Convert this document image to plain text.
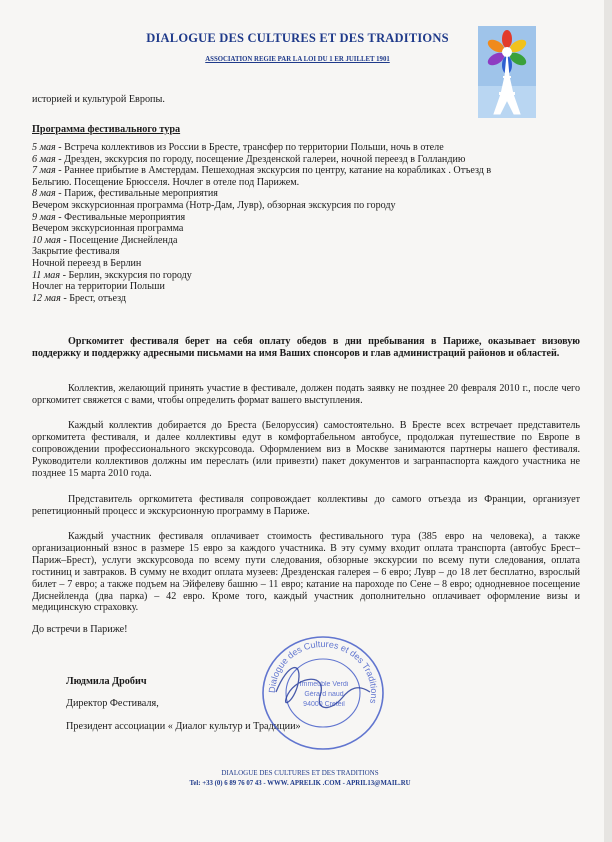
DIALOGUE DES CULTURES ET DES TRADITIONS
ASSOCIATION REGIE PAR LA LOI DU 1 ER JUILLET 1901
историей и культурой Европы.
Программа фестивального тура
5 мая - Встреча коллективов из России в Бресте, трансфер по территории Польши, ночь в отеле
6 мая - Дрезден, экскурсия по городу, посещение Дрезденской галереи, ночной переезд в Голландию
7 мая - Раннее прибытие в Амстердам. Пешеходная экскурсия по центру, катание на корабликах . Отъезд в
Бельгию. Посещение Брюсселя. Ночлег в отеле под Парижем.
8 мая - Париж, фестивальные мероприятия
Вечером экскурсионная программа (Нотр-Дам, Лувр), обзорная экскурсия по городу
9 мая - Фестивальные мероприятия
Вечером экскурсионная программа
10 мая - Посещение Диснейленда
Закрытие фестиваля
Ночной переезд в Берлин
11 мая - Берлин, экскурсия по городу
Ночлег на территории Польши
12 мая - Брест, отъезд
Оргкомитет фестиваля берет на себя оплату обедов в дни пребывания в Париже, оказывает визовую поддержку и поддержку адресными письмами на имя Ваших спонсоров и глав администраций районов и областей.
Коллектив, желающий принять участие в фестивале, должен подать заявку не позднее 20 февраля 2010 г., после чего оргкомитет свяжется с вами, чтобы определить формат вашего выступления.
Каждый коллектив добирается до Бреста (Белоруссия) самостоятельно. В Бресте всех встречает представитель оргкомитета фестиваля, и далее коллективы едут в комфортабельном автобусе, продолжая путешествие по Европе в сопровождении профессионального экскурсовода. Оформлением виз в Москве занимаются партнеры нашего фестиваля. Руководители коллективов должны им переслать (или привезти) пакет документов и загранпаспорта каждого участника не позднее 15 марта 2010 года.
Представитель оргкомитета фестиваля сопровождает коллективы до самого отъезда из Франции, организует репетиционный процесс и экскурсионную программу в Париже.
Каждый участник фестиваля оплачивает стоимость фестивального тура (385 евро на человека), а также организационный взнос в размере 15 евро за каждого участника. В эту сумму входит оплата транспорта (автобус Брест–Париж–Брест), услуги экскурсовода по всему пути следования, обзорные экскурсии по всему пути следования, оплата гостиниц и завтраков. В сумму не входит оплата музеев: Дрезденская галерея – 6 евро; Лувр – до 18 лет бесплатно, взрослый билет – 7 евро; а также подъем на Эйфелеву башню – 11 евро; катание на пароходе по Сене – 8 евро; однодневное посещение Диснейленда (два парка) – 42 евро. Кроме того, каждый участник дополнительно оплачивает оформление визы и медицинскую страховку.
До встречи в Париже!
Людмила Дробич
Директор Фестиваля,
Президент ассоциации « Диалог культур и Традиции»
Dialogue des Cultures et des Traditions
Immeuble Verdi
Gérard naud
94000 Creteil
DIALOGUE DES CULTURES ET DES TRADITIONS
Tel: +33 (0) 6 89 76 07 43 - WWW. APRELIK .COM - APRIL13@MAIL.RU
